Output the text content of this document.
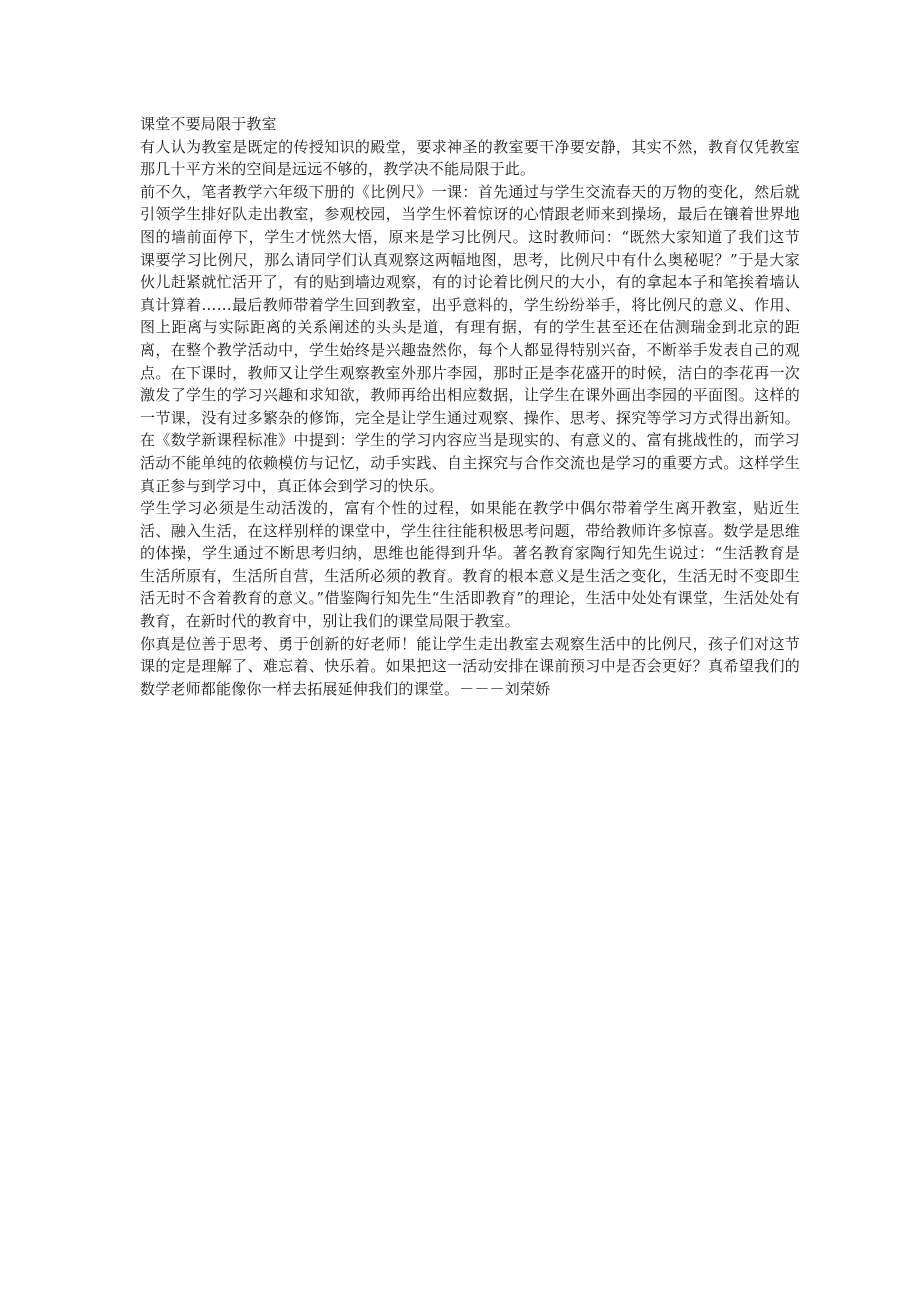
课堂不要局限于教室

有人认为教室是既定的传授知识的殿堂，要求神圣的教室要干净要安静，其实不然，教育仅凭教室那几十平方米的空间是远远不够的，教学决不能局限于此。

前不久，笔者教学六年级下册的《比例尺》一课：首先通过与学生交流春天的万物的变化，然后就引领学生排好队走出教室，参观校园，当学生怀着惊讶的心情跟老师来到操场，最后在镶着世界地图的墙前面停下，学生才恍然大悟，原来是学习比例尺。这时教师问：“既然大家知道了我们这节课要学习比例尺，那么请同学们认真观察这两幅地图，思考，比例尺中有什么奥秘呢？”于是大家伙儿赶紧就忙活开了，有的贴到墙边观察，有的讨论着比例尺的大小，有的拿起本子和笔挨着墙认真计算着……最后教师带着学生回到教室，出乎意料的，学生纷纷举手，将比例尺的意义、作用、图上距离与实际距离的关系阐述的头头是道，有理有据，有的学生甚至还在估测瑞金到北京的距离，在整个教学活动中，学生始终是兴趣盎然你，每个人都显得特别兴奋，不断举手发表自己的观点。在下课时，教师又让学生观察教室外那片李园，那时正是李花盛开的时候，洁白的李花再一次激发了学生的学习兴趣和求知欲，教师再给出相应数据，让学生在课外画出李园的平面图。这样的一节课，没有过多繁杂的修饰，完全是让学生通过观察、操作、思考、探究等学习方式得出新知。在《数学新课程标准》中提到：学生的学习内容应当是现实的、有意义的、富有挑战性的，而学习活动不能单纯的依赖模仿与记忆，动手实践、自主探究与合作交流也是学习的重要方式。这样学生真正参与到学习中，真正体会到学习的快乐。

学生学习必须是生动活泼的，富有个性的过程，如果能在教学中偶尔带着学生离开教室，贴近生活、融入生活，在这样别样的课堂中，学生往往能积极思考问题，带给教师许多惊喜。数学是思维的体操，学生通过不断思考归纳，思维也能得到升华。著名教育家陶行知先生说过：“生活教育是生活所原有，生活所自营，生活所必须的教育。教育的根本意义是生活之变化，生活无时不变即生活无时不含着教育的意义。”借鉴陶行知先生“生活即教育”的理论，生活中处处有课堂，生活处处有教育，在新时代的教育中，别让我们的课堂局限于教室。

你真是位善于思考、勇于创新的好老师！能让学生走出教室去观察生活中的比例尺，孩子们对这节课的定是理解了、难忘着、快乐着。如果把这一活动安排在课前预习中是否会更好？真希望我们的数学老师都能像你一样去拓展延伸我们的课堂。－－－刘荣娇
